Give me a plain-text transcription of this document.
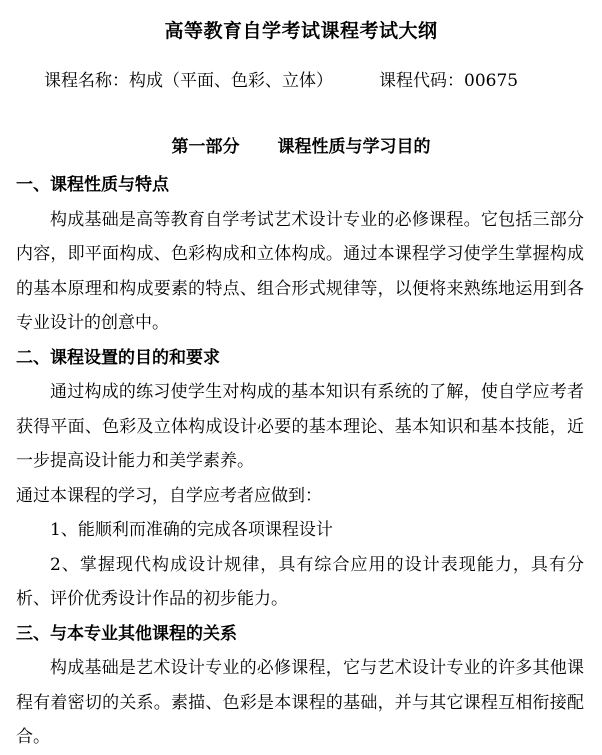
高等教育自学考试课程考试大纲
课程名称：构成（平面、色彩、立体）	课程代码：00675
第一部分 课程性质与学习目的

一、课程性质与特点

构成基础是高等教育自学考试艺术设计专业的必修课程。它包括三部分内容，即平面构成、色彩构成和立体构成。通过本课程学习使学生掌握构成的基本原理和构成要素的特点、组合形式规律等，以便将来熟练地运用到各专业设计的创意中。

二、课程设置的目的和要求

通过构成的练习使学生对构成的基本知识有系统的了解，使自学应考者获得平面、色彩及立体构成设计必要的基本理论、基本知识和基本技能，近一步提高设计能力和美学素养。

通过本课程的学习，自学应考者应做到：

1、能顺利而准确的完成各项课程设计

2、掌握现代构成设计规律，具有综合应用的设计表现能力，具有分析、评价优秀设计作品的初步能力。

三、与本专业其他课程的关系

构成基础是艺术设计专业的必修课程，它与艺术设计专业的许多其他课程有着密切的关系。素描、色彩是本课程的基础，并与其它课程互相衔接配合。
